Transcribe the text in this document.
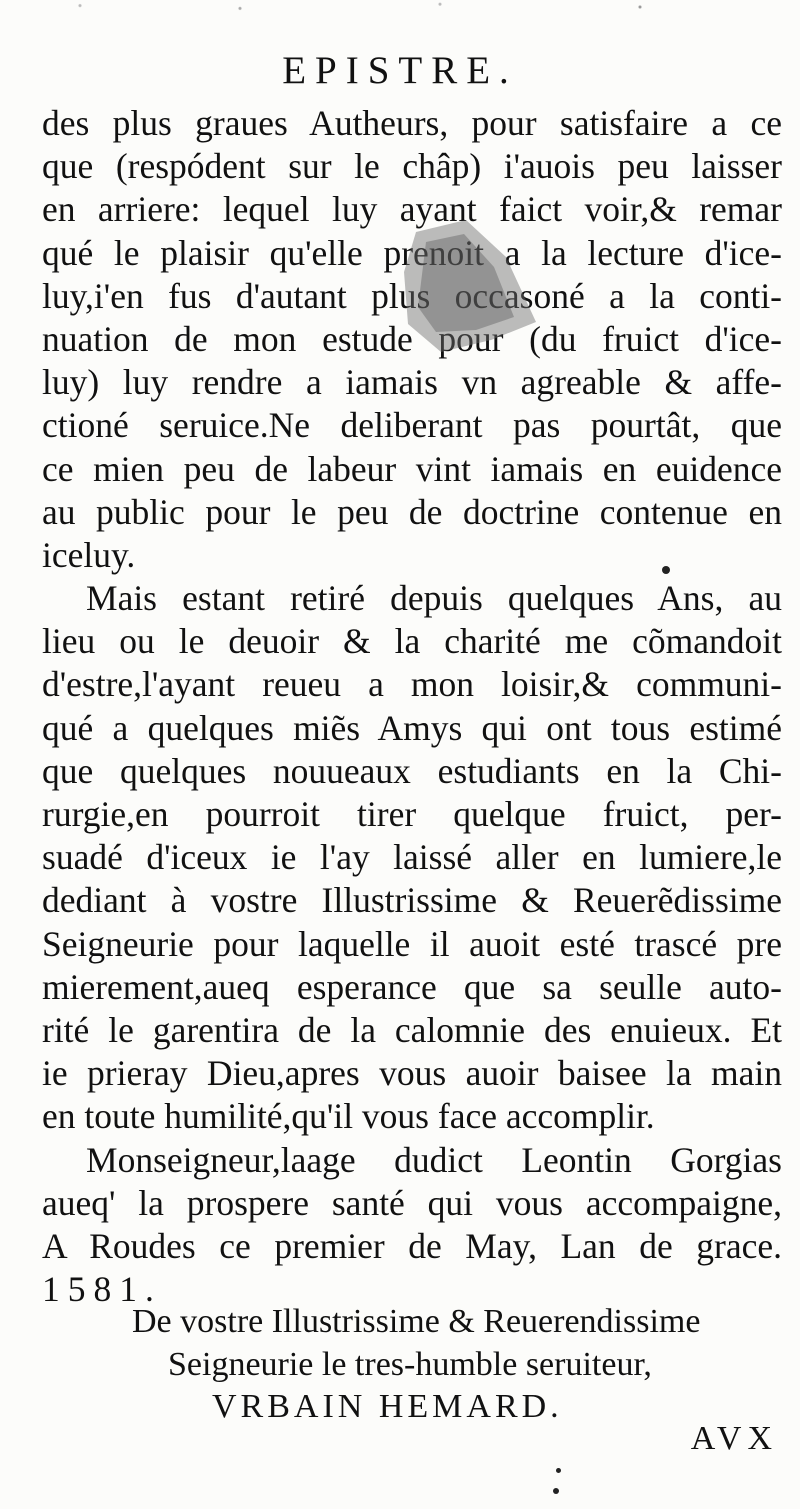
EPISTRE.
des plus graues Autheurs, pour satisfaire a ce
que (respódent sur le châp) i'auois peu laisser
en arriere: lequel luy ayant faict voir,& remar
qué le plaisir qu'elle prenoit a la lecture d'ice-
luy,i'en fus d'autant plus occasoné a la conti-
nuation de mon estude pour (du fruict d'ice-
luy) luy rendre a iamais vn agreable & affe-
ctioné seruice.Ne deliberant pas pourtât, que
ce mien peu de labeur vint iamais en euidence
au public pour le peu de doctrine contenue en
iceluy.
Mais estant retiré depuis quelques Ans, au
lieu ou le deuoir & la charité me cõmandoit
d'estre,l'ayant reueu a mon loisir,& communi-
qué a quelques miẽs Amys qui ont tous estimé
que quelques nouueaux estudiants en la Chi-
rurgie,en pourroit tirer quelque fruict, per-
suadé d'iceux ie l'ay laissé aller en lumiere,le
dediant à vostre Illustrissime & Reuerẽdissime
Seigneurie pour laquelle il auoit esté trascé pre
mierement,aueq esperance que sa seulle auto-
rité le garentira de la calomnie des enuieux. Et
ie prieray Dieu,apres vous auoir baisee la main
en toute humilité,qu'il vous face accomplir.
Monseigneur,laage dudict Leontin Gorgias
aueq' la prospere santé qui vous accompaigne,
A Roudes ce premier de May, Lan de grace.
1581.
De vostre Illustrissime & Reuerendissime
Seigneurie le tres-humble seruiteur,
VRBAIN HEMARD.
AVX
